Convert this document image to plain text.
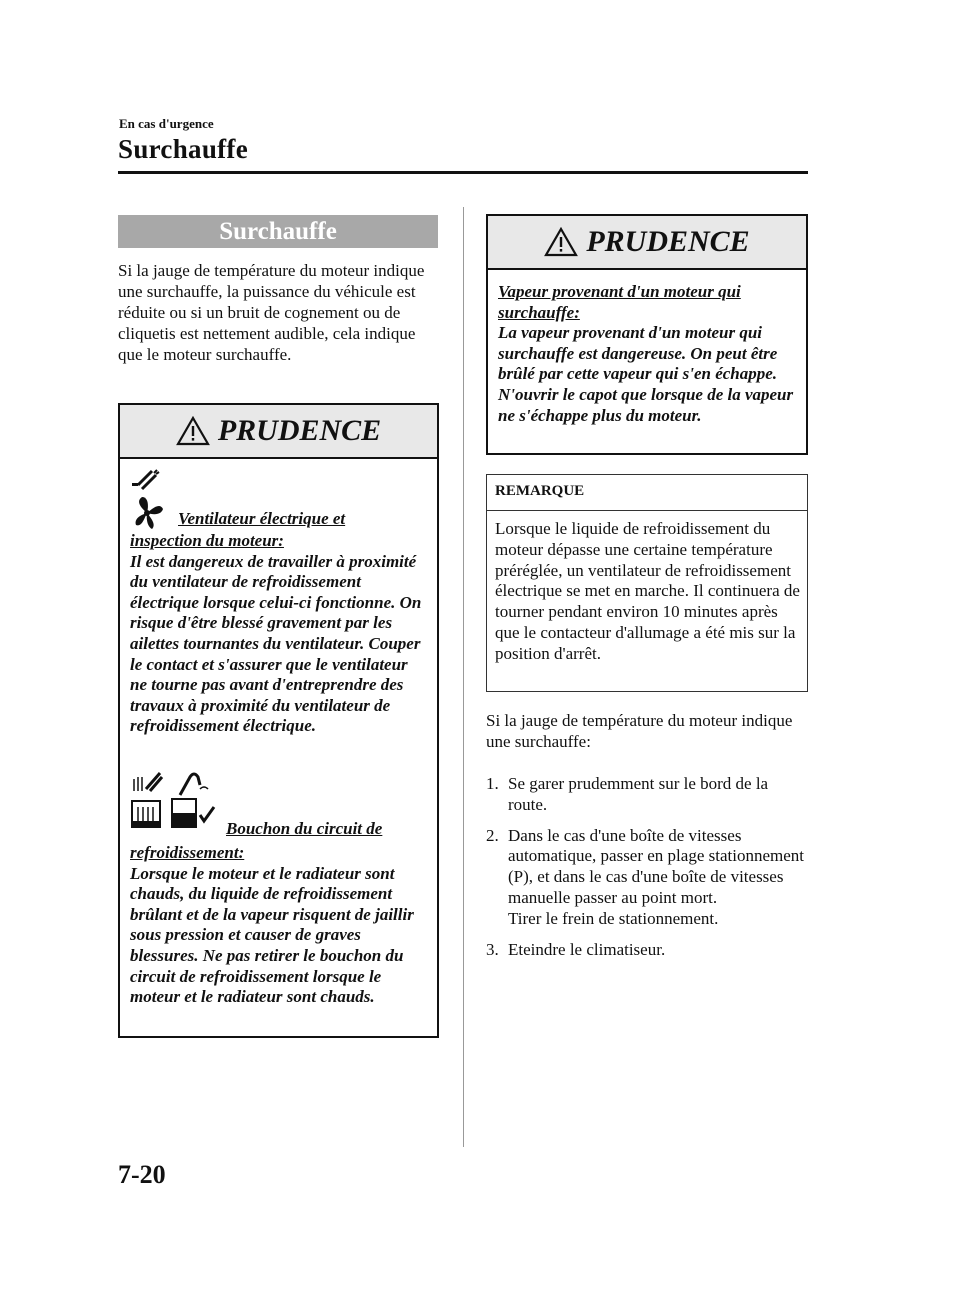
En cas d'urgence
Surchauffe
Surchauffe
Si la jauge de température du moteur indique une surchauffe, la puissance du véhicule est réduite ou si un bruit de cognement ou de cliquetis est nettement audible, cela indique que le moteur surchauffe.
PRUDENCE
Ventilateur électrique et
inspection du moteur:
Il est dangereux de travailler à proximité du ventilateur de refroidissement électrique lorsque celui-ci fonctionne. On risque d'être blessé gravement par les ailettes tournantes du ventilateur. Couper le contact et s'assurer que le ventilateur ne tourne pas avant d'entreprendre des travaux à proximité du ventilateur de refroidissement électrique.
Bouchon du circuit de
refroidissement:
Lorsque le moteur et le radiateur sont chauds, du liquide de refroidissement brûlant et de la vapeur risquent de jaillir sous pression et causer de graves blessures. Ne pas retirer le bouchon du circuit de refroidissement lorsque le moteur et le radiateur sont chauds.
PRUDENCE
Vapeur provenant d'un moteur qui surchauffe:
La vapeur provenant d'un moteur qui surchauffe est dangereuse. On peut être brûlé par cette vapeur qui s'en échappe. N'ouvrir le capot que lorsque de la vapeur ne s'échappe plus du moteur.
REMARQUE
Lorsque le liquide de refroidissement du moteur dépasse une certaine température préréglée, un ventilateur de refroidissement électrique se met en marche. Il continuera de tourner pendant environ 10 minutes après que le contacteur d'allumage a été mis sur la position d'arrêt.
Si la jauge de température du moteur indique une surchauffe:
1. Se garer prudemment sur le bord de la route.
2. Dans le cas d'une boîte de vitesses automatique, passer en plage stationnement (P), et dans le cas d'une boîte de vitesses manuelle passer au point mort.
Tirer le frein de stationnement.
3. Eteindre le climatiseur.
7-20
